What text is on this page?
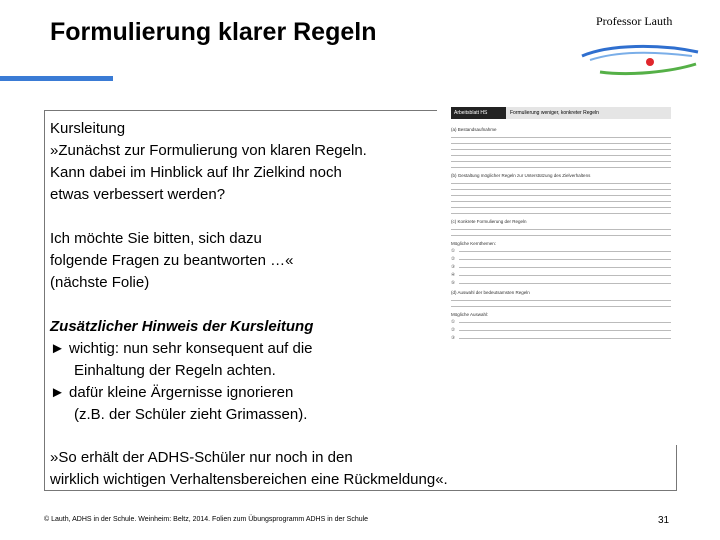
Formulierung klarer Regeln	Professor Lauth
Arbeitsblatt HS	Formulierung weniger, konkreter Regeln
(a) Bestandsaufnahme
(b) Gestaltung möglicher Regeln zur Unterstützung des Zielverhaltens
(c) Konkrete Formulierung der Regeln
Mögliche Kernthemen:
①
②
③
④
⑤
(d) Auswahl der bedeutsamsten Regeln
Mögliche Auswahl:
①
②
③

Kursleitung

»Zunächst zur Formulierung von klaren Regeln.

Kann dabei im Hinblick auf Ihr Zielkind noch

etwas verbessert werden?

Ich möchte Sie bitten, sich dazu

folgende Fragen zu beantworten …«

(nächste Folie)

Zusätzlicher Hinweis der Kursleitung

► wichtig: nun sehr konsequent auf die

Einhaltung der Regeln achten.

► dafür kleine Ärgernisse ignorieren

(z.B. der Schüler zieht Grimassen).

»So erhält der ADHS-Schüler nur noch in den

wirklich wichtigen Verhaltensbereichen eine Rückmeldung«.

© Lauth, ADHS in der Schule. Weinheim: Beltz, 2014. Folien zum Übungsprogramm ADHS in der Schule	31
